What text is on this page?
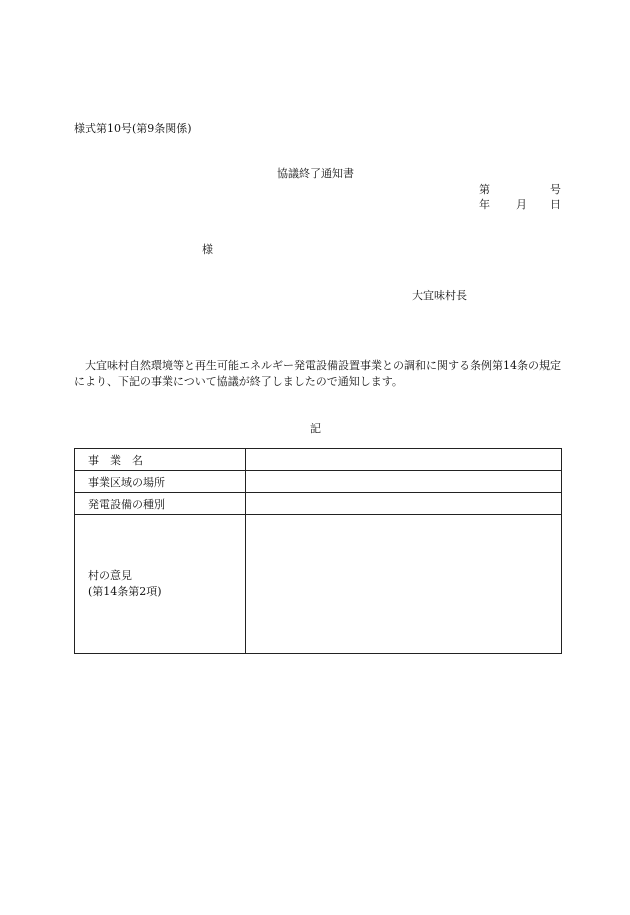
様式第10号(第9条関係)
協議終了通知書
第	号
年 月 日
様
大宜味村長
大宜味村自然環境等と再生可能エネルギー発電設備設置事業との調和に関する条例第14条の規定により、下記の事業について協議が終了しましたので通知します。
記
事　業　名	
事業区域の場所	
発電設備の種別	

村の意見
(第14条第2項)	
